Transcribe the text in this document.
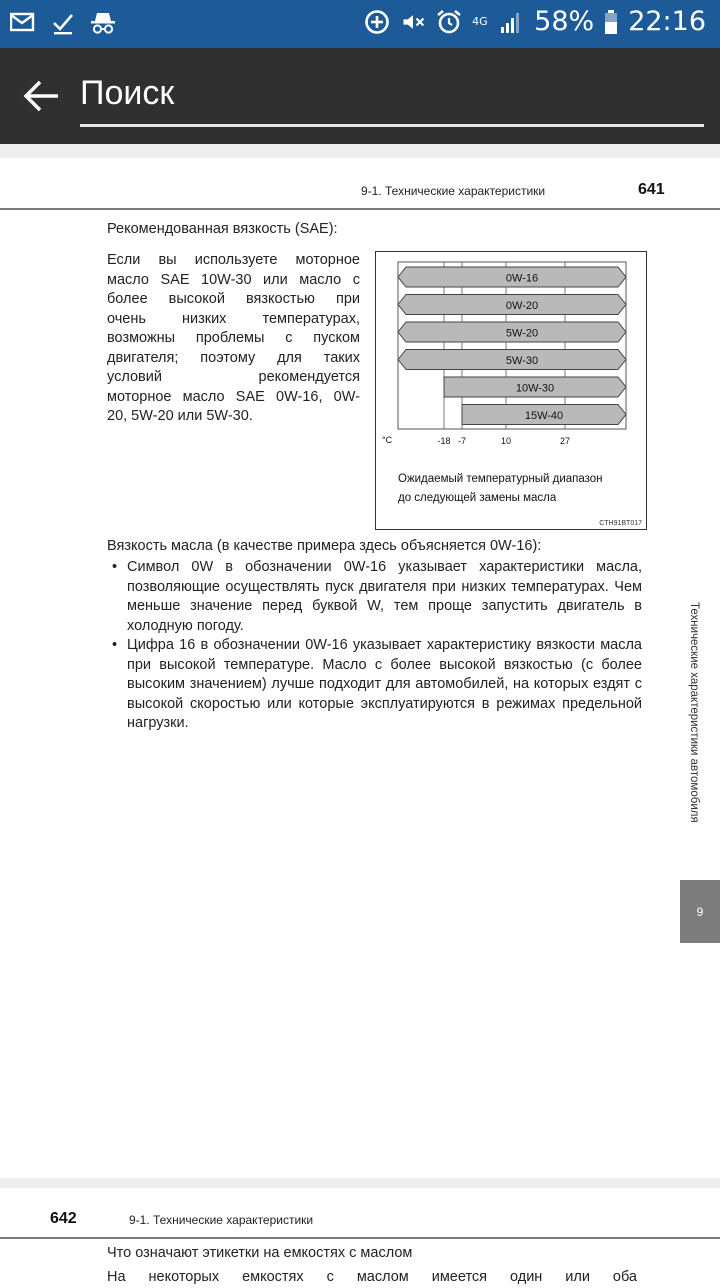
4G 58% 22:16
Поиск
9-1. Технические характеристики	641
Рекомендованная вязкость (SAE):
Если вы используете моторное
масло SAE 10W-30 или масло с
более высокой вязкостью при
очень низких температурах,
возможны проблемы с пуском
двигателя; поэтому для таких
условий рекомендуется
моторное масло SAE 0W-16, 0W-
20, 5W-20 или 5W-30.
0W-16
0W-20
5W-20
5W-30
10W-30
15W-40
°C	-18 -7	10	27
Ожидаемый температурный диапазон
до следующей замены масла
CTH91BT017
Вязкость масла (в качестве примера здесь объясняется 0W-16):
• Символ 0W в обозначении 0W-16 указывает характеристики масла, позволяющие осуществлять пуск двигателя при низких температурах. Чем меньше значение перед буквой W, тем проще запустить двигатель в холодную погоду.
• Цифра 16 в обозначении 0W-16 указывает характеристику вязкости масла при высокой температуре. Масло с более высокой вязкостью (с более высоким значением) лучше подходит для автомобилей, на которых ездят с высокой скоростью или которые эксплуатируются в режимах предельной нагрузки.	Технические характеристики автомобиля
9
642	9-1. Технические характеристики
Что означают этикетки на емкостях с маслом
На некоторых емкостях с маслом имеется один или оба
